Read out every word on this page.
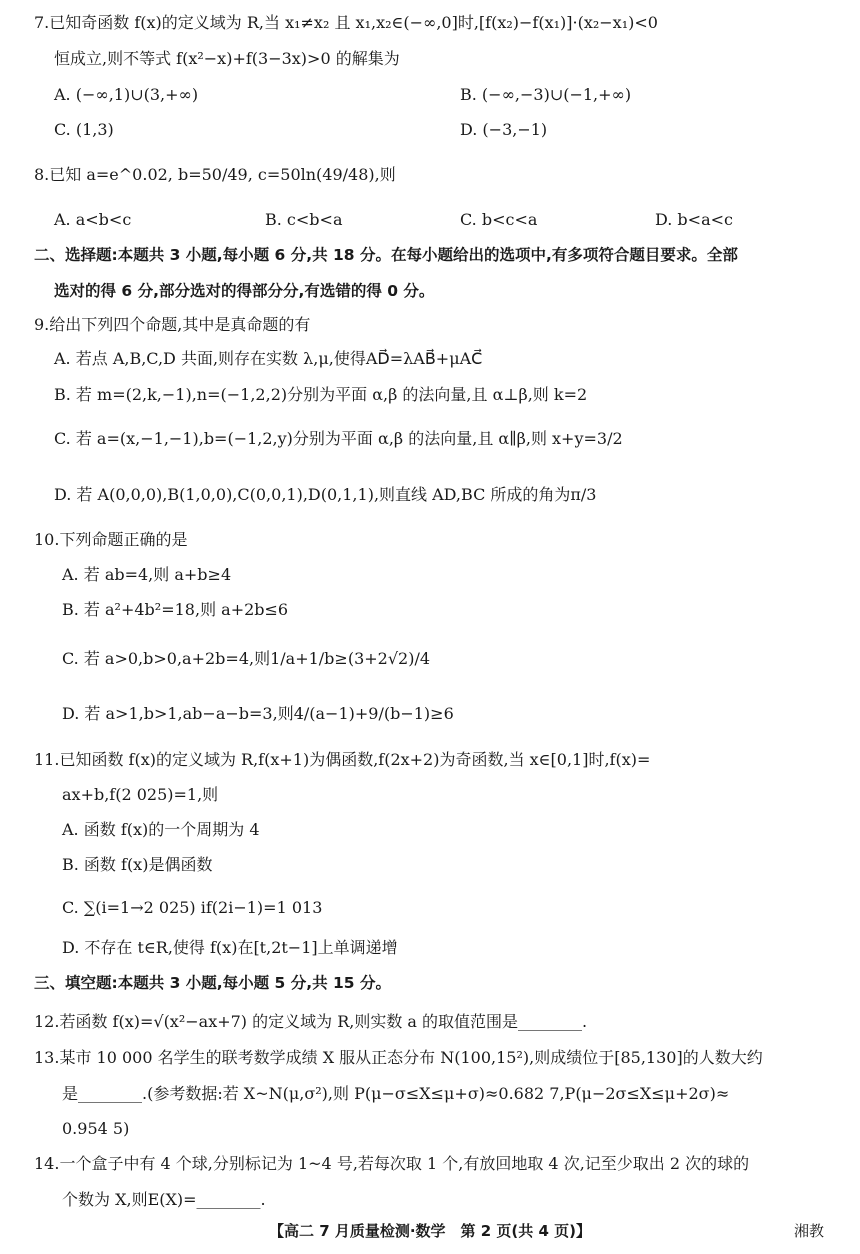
7.已知奇函数 f(x)的定义域为 R,当 x₁≠x₂ 且 x₁,x₂∈(−∞,0]时,[f(x₂)−f(x₁)]·(x₂−x₁)<0
恒成立,则不等式 f(x²−x)+f(3−3x)>0 的解集为
A. (−∞,1)∪(3,+∞)	B. (−∞,−3)∪(−1,+∞)
C. (1,3)	D. (−3,−1)
8.已知 a=e^0.02, b=50/49, c=50ln(49/48),则
A. a<b<c	B. c<b<a	C. b<c<a	D. b<a<c
二、选择题:本题共 3 小题,每小题 6 分,共 18 分。在每小题给出的选项中,有多项符合题目要求。全部
选对的得 6 分,部分选对的得部分分,有选错的得 0 分。
9.给出下列四个命题,其中是真命题的有
A. 若点 A,B,C,D 共面,则存在实数 λ,μ,使得AD⃗=λAB⃗+μAC⃗
B. 若 m=(2,k,−1),n=(−1,2,2)分别为平面 α,β 的法向量,且 α⊥β,则 k=2
C. 若 a=(x,−1,−1),b=(−1,2,y)分别为平面 α,β 的法向量,且 α∥β,则 x+y=3/2
D. 若 A(0,0,0),B(1,0,0),C(0,0,1),D(0,1,1),则直线 AD,BC 所成的角为π/3
10.下列命题正确的是
A. 若 ab=4,则 a+b≥4
B. 若 a²+4b²=18,则 a+2b≤6
C. 若 a>0,b>0,a+2b=4,则1/a+1/b≥(3+2√2)/4
D. 若 a>1,b>1,ab−a−b=3,则4/(a−1)+9/(b−1)≥6
11.已知函数 f(x)的定义域为 R,f(x+1)为偶函数,f(2x+2)为奇函数,当 x∈[0,1]时,f(x)=
ax+b,f(2 025)=1,则
A. 函数 f(x)的一个周期为 4
B. 函数 f(x)是偶函数
C. ∑(i=1→2 025) if(2i−1)=1 013
D. 不存在 t∈R,使得 f(x)在[t,2t−1]上单调递增
三、填空题:本题共 3 小题,每小题 5 分,共 15 分。
12.若函数 f(x)=√(x²−ax+7) 的定义域为 R,则实数 a 的取值范围是________.
13.某市 10 000 名学生的联考数学成绩 X 服从正态分布 N(100,15²),则成绩位于[85,130]的人数大约
是________.(参考数据:若 X~N(μ,σ²),则 P(μ−σ≤X≤μ+σ)≈0.682 7,P(μ−2σ≤X≤μ+2σ)≈
0.954 5)
14.一个盒子中有 4 个球,分别标记为 1~4 号,若每次取 1 个,有放回地取 4 次,记至少取出 2 次的球的
个数为 X,则E(X)=________.
【高二 7 月质量检测·数学　第 2 页(共 4 页)】	湘教
